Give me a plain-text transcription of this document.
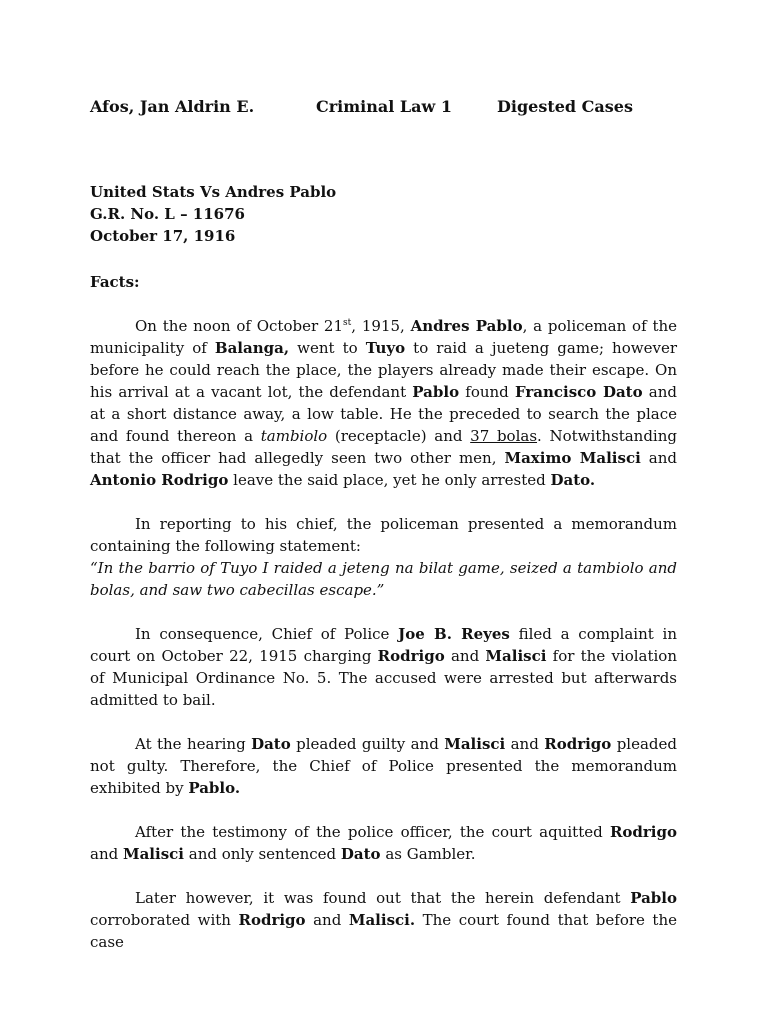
Afos, Jan Aldrin E.	Criminal Law 1	Digested Cases
United Stats Vs Andres Pablo
G.R. No. L – 11676
October 17, 1916
Facts:

On the noon of October 21st, 1915, Andres Pablo, a policeman of the municipality of Balanga, went to Tuyo to raid a jueteng game; however before he could reach the place, the players already made their escape. On his arrival at a vacant lot, the defendant Pablo found Francisco Dato and at a short distance away, a low table. He the preceded to search the place and found thereon a tambiolo (receptacle) and 37 bolas. Notwithstanding that the officer had allegedly seen two other men, Maximo Malisci and Antonio Rodrigo leave the said place, yet he only arrested Dato.

In reporting to his chief, the policeman presented a memorandum containing the following statement:

“In the barrio of Tuyo I raided a jeteng na bilat game, seized a tambiolo and bolas, and saw two cabecillas escape.”

In consequence, Chief of Police Joe B. Reyes filed a complaint in court on October 22, 1915 charging Rodrigo and Malisci for the violation of Municipal Ordinance No. 5. The accused were arrested but afterwards admitted to bail.

At the hearing Dato pleaded guilty and Malisci and Rodrigo pleaded not gulty. Therefore, the Chief of Police presented the memorandum exhibited by Pablo.

After the testimony of the police officer, the court aquitted Rodrigo and Malisci and only sentenced Dato as Gambler.

Later however, it was found out that the herein defendant Pablo corroborated with Rodrigo and Malisci. The court found that before the case
